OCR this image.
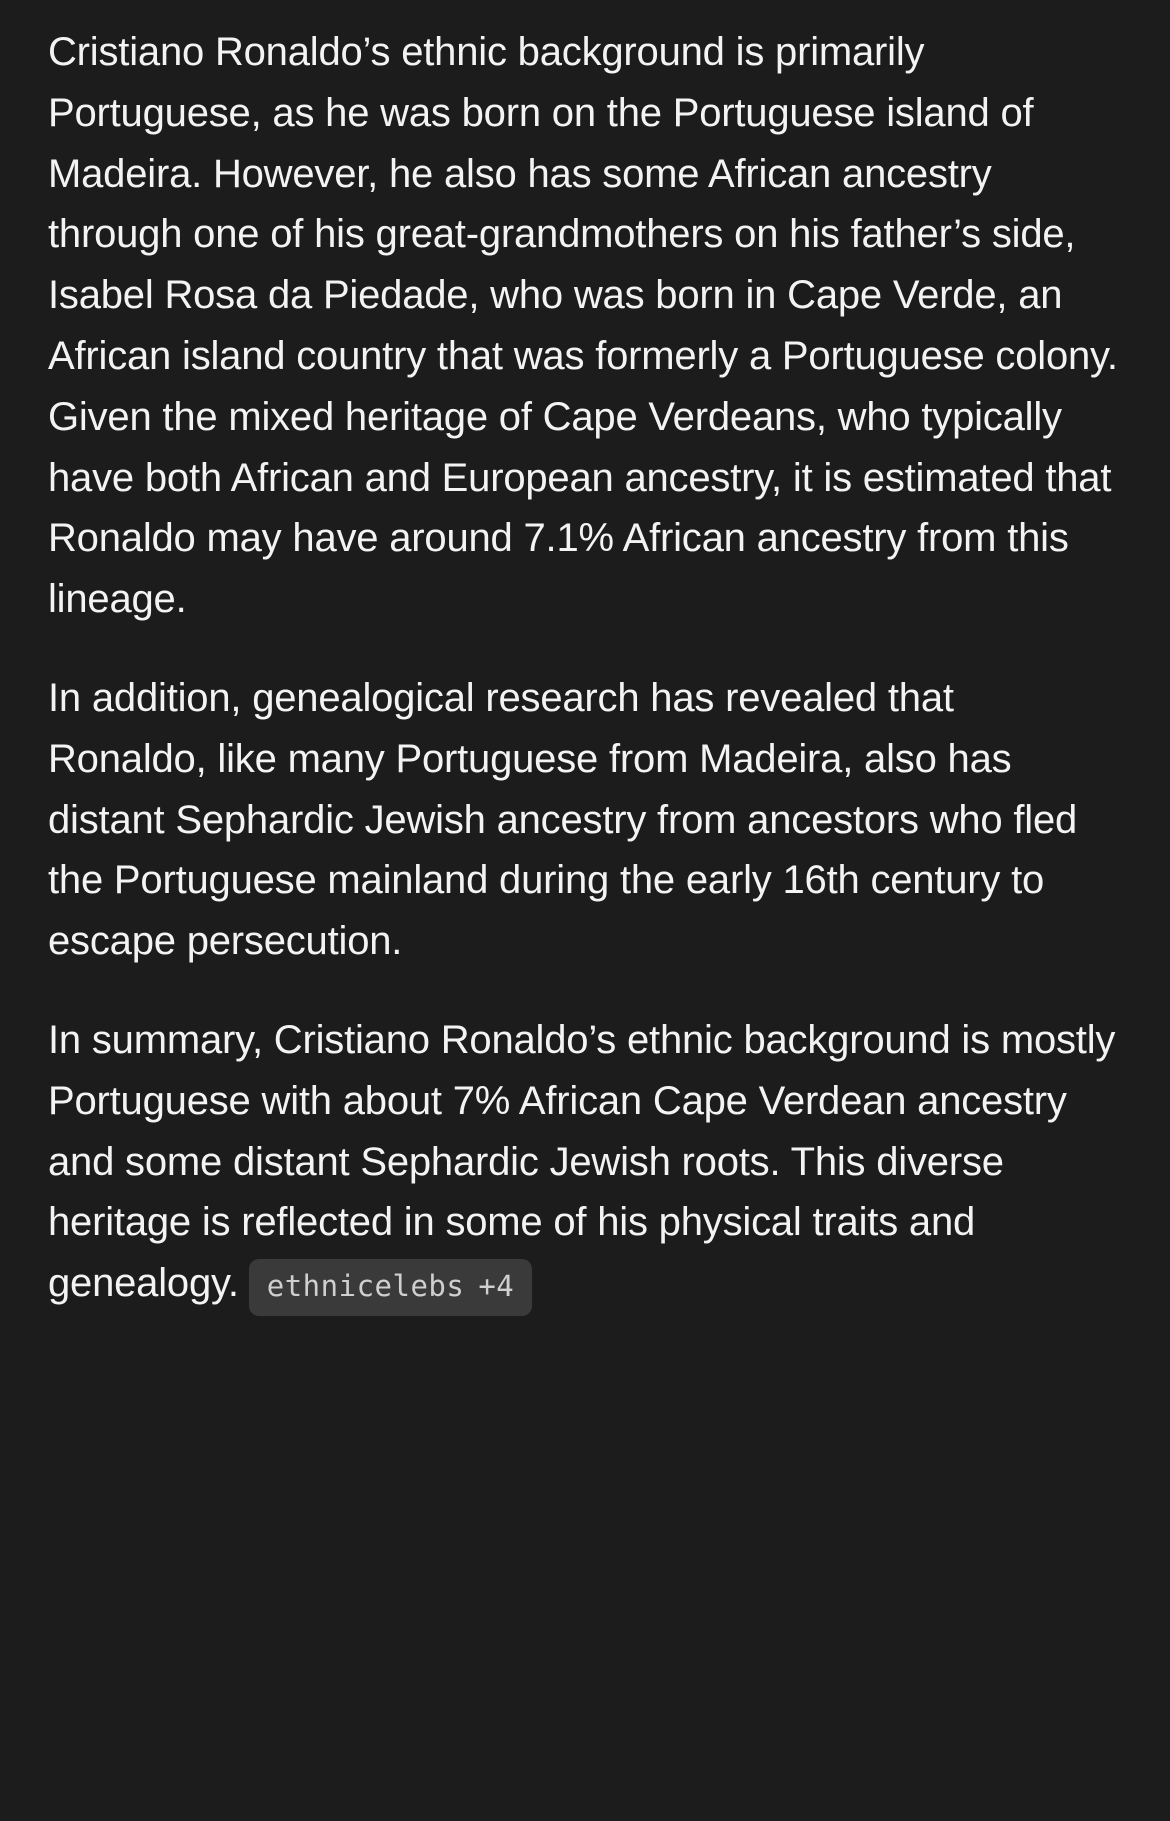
Cristiano Ronaldo’s ethnic background is primarily Portuguese, as he was born on the Portuguese island of Madeira. However, he also has some African ancestry through one of his great-grandmothers on his father’s side, Isabel Rosa da Piedade, who was born in Cape Verde, an African island country that was formerly a Portuguese colony. Given the mixed heritage of Cape Verdeans, who typically have both African and European ancestry, it is estimated that Ronaldo may have around 7.1% African ancestry from this lineage.

In addition, genealogical research has revealed that Ronaldo, like many Portuguese from Madeira, also has distant Sephardic Jewish ancestry from ancestors who fled the Portuguese mainland during the early 16th century to escape persecution.

In summary, Cristiano Ronaldo’s ethnic background is mostly Portuguese with about 7% African Cape Verdean ancestry and some distant Sephardic Jewish roots. This diverse heritage is reflected in some of his physical traits and genealogy. ethnicelebs +4
